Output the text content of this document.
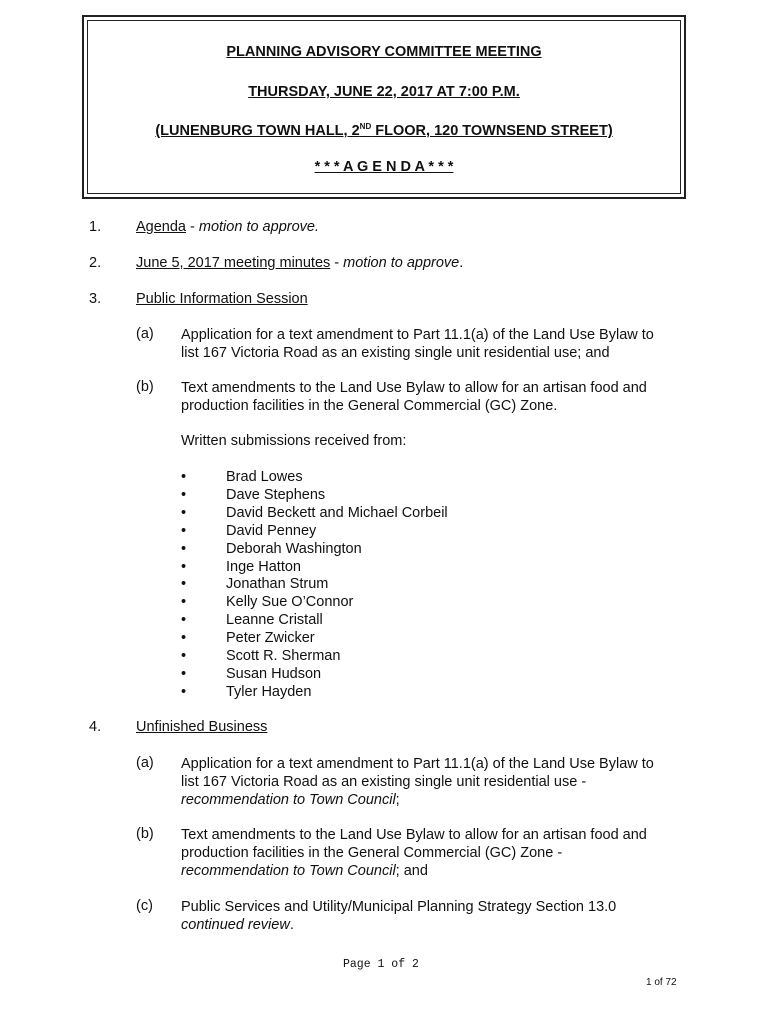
PLANNING ADVISORY COMMITTEE MEETING
THURSDAY, JUNE 22, 2017 AT 7:00 P.M.
(LUNENBURG TOWN HALL, 2ND FLOOR, 120 TOWNSEND STREET)
* * * A G E N D A * * *
1. Agenda - motion to approve.
2. June 5, 2017 meeting minutes - motion to approve.
3. Public Information Session
(a) Application for a text amendment to Part 11.1(a) of the Land Use Bylaw to
list 167 Victoria Road as an existing single unit residential use; and
(b) Text amendments to the Land Use Bylaw to allow for an artisan food and
production facilities in the General Commercial (GC) Zone.
Written submissions received from:
•	Brad Lowes
•	Dave Stephens
•	David Beckett and Michael Corbeil
•	David Penney
•	Deborah Washington
•	Inge Hatton
•	Jonathan Strum
•	Kelly Sue O’Connor
•	Leanne Cristall
•	Peter Zwicker
•	Scott R. Sherman
•	Susan Hudson
•	Tyler Hayden
4. Unfinished Business
(a) Application for a text amendment to Part 11.1(a) of the Land Use Bylaw to
list 167 Victoria Road as an existing single unit residential use -
recommendation to Town Council;
(b) Text amendments to the Land Use Bylaw to allow for an artisan food and
production facilities in the General Commercial (GC) Zone -
recommendation to Town Council; and
(c) Public Services and Utility/Municipal Planning Strategy Section 13.0
continued review.
Page 1 of 2
1 of 72
